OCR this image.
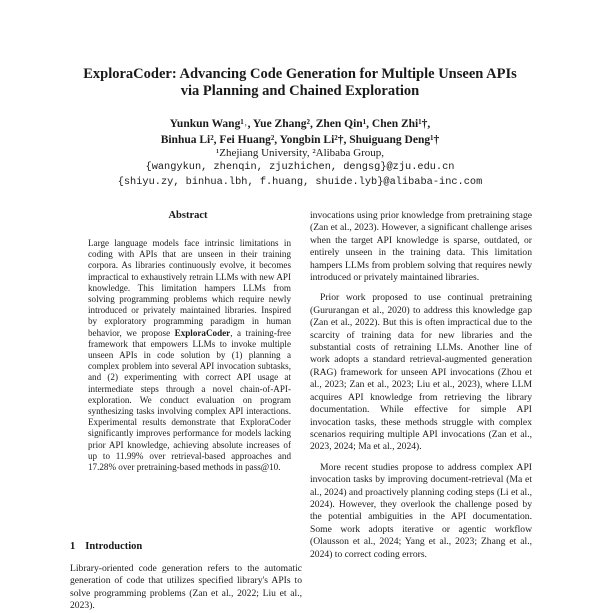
ExploraCoder: Advancing Code Generation for Multiple Unseen APIs
via Planning and Chained Exploration
Yunkun Wang¹˒, Yue Zhang², Zhen Qin¹, Chen Zhi¹†,
Binhua Li², Fei Huang², Yongbin Li²†, Shuiguang Deng¹†
¹Zhejiang University, ²Alibaba Group,
{wangykun, zhenqin, zjuzhichen, dengsg}@zju.edu.cn
{shiyu.zy, binhua.lbh, f.huang, shuide.lyb}@alibaba-inc.com
Abstract
Large language models face intrinsic limitations in coding with APIs that are unseen in their training corpora. As libraries continuously evolve, it becomes impractical to exhaustively retrain LLMs with new API knowledge. This limitation hampers LLMs from solving programming problems which require newly introduced or privately maintained libraries. Inspired by exploratory programming paradigm in human behavior, we propose ExploraCoder, a training-free framework that empowers LLMs to invoke multiple unseen APIs in code solution by (1) planning a complex problem into several API invocation subtasks, and (2) experimenting with correct API usage at intermediate steps through a novel chain-of-API-exploration. We conduct evaluation on program synthesizing tasks involving complex API interactions. Experimental results demonstrate that ExploraCoder significantly improves performance for models lacking prior API knowledge, achieving absolute increases of up to 11.99% over retrieval-based approaches and 17.28% over pretraining-based methods in pass@10.
1 Introduction
Library-oriented code generation refers to the automatic generation of code that utilizes specified library's APIs to solve programming problems (Zan et al., 2022; Liu et al., 2023).

invocations using prior knowledge from pretraining stage (Zan et al., 2023). However, a significant challenge arises when the target API knowledge is sparse, outdated, or entirely unseen in the training data. This limitation hampers LLMs from problem solving that requires newly introduced or privately maintained libraries.

Prior work proposed to use continual pretraining (Gururangan et al., 2020) to address this knowledge gap (Zan et al., 2022). But this is often impractical due to the scarcity of training data for new libraries and the substantial costs of retraining LLMs. Another line of work adopts a standard retrieval-augmented generation (RAG) framework for unseen API invocations (Zhou et al., 2023; Zan et al., 2023; Liu et al., 2023), where LLM acquires API knowledge from retrieving the library documentation. While effective for simple API invocation tasks, these methods struggle with complex scenarios requiring multiple API invocations (Zan et al., 2023, 2024; Ma et al., 2024).

More recent studies propose to address complex API invocation tasks by improving document-retrieval (Ma et al., 2024) and proactively planning coding steps (Li et al., 2024). However, they overlook the challenge posed by the potential ambiguities in the API documentation. Some work adopts iterative or agentic workflow (Olausson et al., 2024; Yang et al., 2023; Zhang et al., 2024) to correct coding errors.
